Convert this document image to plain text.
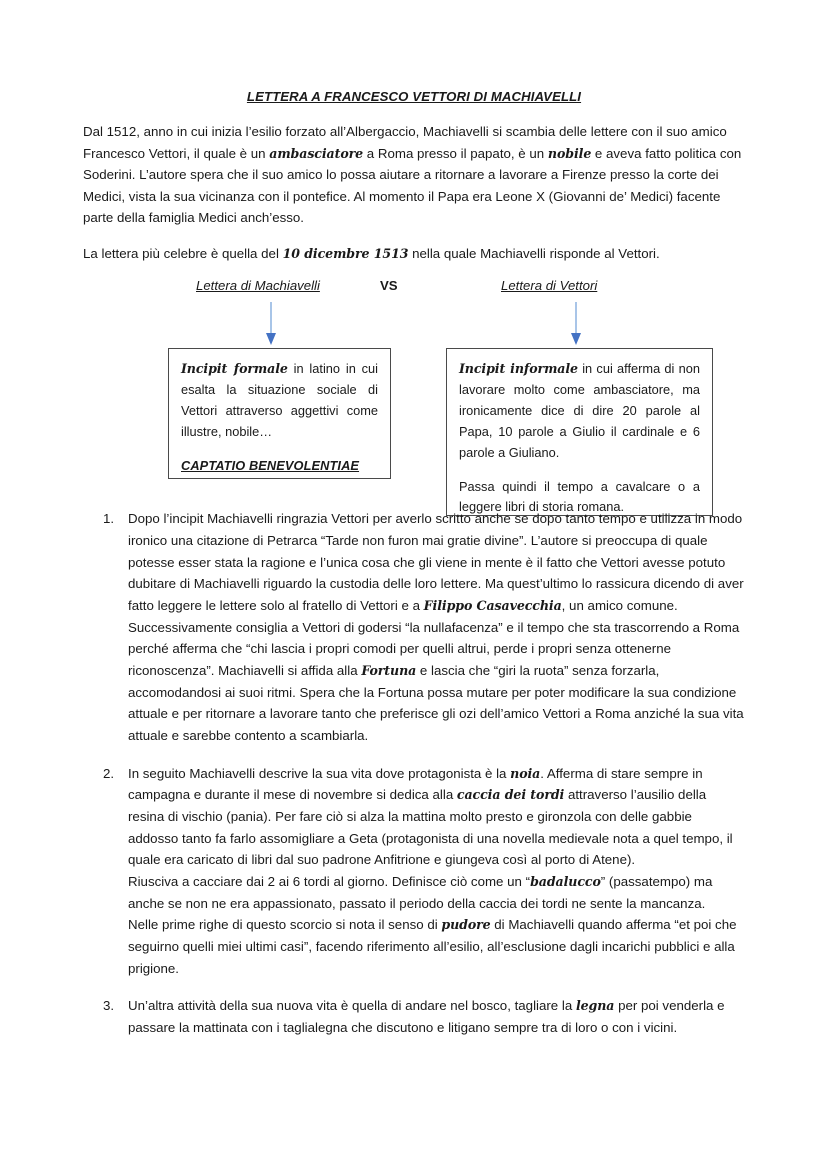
LETTERA A FRANCESCO VETTORI DI MACHIAVELLI

Dal 1512, anno in cui inizia l’esilio forzato all’Albergaccio, Machiavelli si scambia delle lettere con il suo amico Francesco Vettori, il quale è un ambasciatore a Roma presso il papato, è un nobile e aveva fatto politica con Soderini. L’autore spera che il suo amico lo possa aiutare a ritornare a lavorare a Firenze presso la corte dei Medici, vista la sua vicinanza con il pontefice. Al momento il Papa era Leone X (Giovanni de’ Medici) facente parte della famiglia Medici anch’esso.

La lettera più celebre è quella del 10 dicembre 1513 nella quale Machiavelli risponde al Vettori.

Lettera di Machiavelli	VS	Lettera di Vettori

Incipit formale in latino in cui esalta la situazione sociale di Vettori attraverso aggettivi come illustre, nobile…

CAPTATIO BENEVOLENTIAE

Incipit informale in cui afferma di non lavorare molto come ambasciatore, ma ironicamente dice di dire 20 parole al Papa, 10 parole a Giulio il cardinale e 6 parole a Giuliano.

Passa quindi il tempo a cavalcare o a leggere libri di storia romana.

Dopo l’incipit Machiavelli ringrazia Vettori per averlo scritto anche se dopo tanto tempo e utilizza in modo ironico una citazione di Petrarca “Tarde non furon mai gratie divine”. L’autore si preoccupa di quale potesse esser stata la ragione e l’unica cosa che gli viene in mente è il fatto che Vettori avesse potuto dubitare di Machiavelli riguardo la custodia delle loro lettere. Ma quest’ultimo lo rassicura dicendo di aver fatto leggere le lettere solo al fratello di Vettori e a Filippo Casavecchia, un amico comune.

Successivamente consiglia a Vettori di godersi “la nullafacenza” e il tempo che sta trascorrendo a Roma perché afferma che “chi lascia i propri comodi per quelli altrui, perde i propri senza ottenerne riconoscenza”. Machiavelli si affida alla Fortuna e lascia che “giri la ruota” senza forzarla, accomodandosi ai suoi ritmi. Spera che la Fortuna possa mutare per poter modificare la sua condizione attuale e per ritornare a lavorare tanto che preferisce gli ozi dell’amico Vettori a Roma anziché la sua vita attuale e sarebbe contento a scambiarla.

In seguito Machiavelli descrive la sua vita dove protagonista è la noia. Afferma di stare sempre in campagna e durante il mese di novembre si dedica alla caccia dei tordi attraverso l’ausilio della resina di vischio (pania). Per fare ciò si alza la mattina molto presto e gironzola con delle gabbie addosso tanto fa farlo assomigliare a Geta (protagonista di una novella medievale nota a quel tempo, il quale era caricato di libri dal suo padrone Anfitrione e giungeva così al porto di Atene).

Riusciva a cacciare dai 2 ai 6 tordi al giorno. Definisce ciò come un “badalucco” (passatempo) ma anche se non ne era appassionato, passato il periodo della caccia dei tordi ne sente la mancanza.

Nelle prime righe di questo scorcio si nota il senso di pudore di Machiavelli quando afferma “et poi che seguirno quelli miei ultimi casi”, facendo riferimento all’esilio, all’esclusione dagli incarichi pubblici e alla prigione.

Un’altra attività della sua nuova vita è quella di andare nel bosco, tagliare la legna per poi venderla e passare la mattinata con i taglialegna che discutono e litigano sempre tra di loro o con i vicini.
